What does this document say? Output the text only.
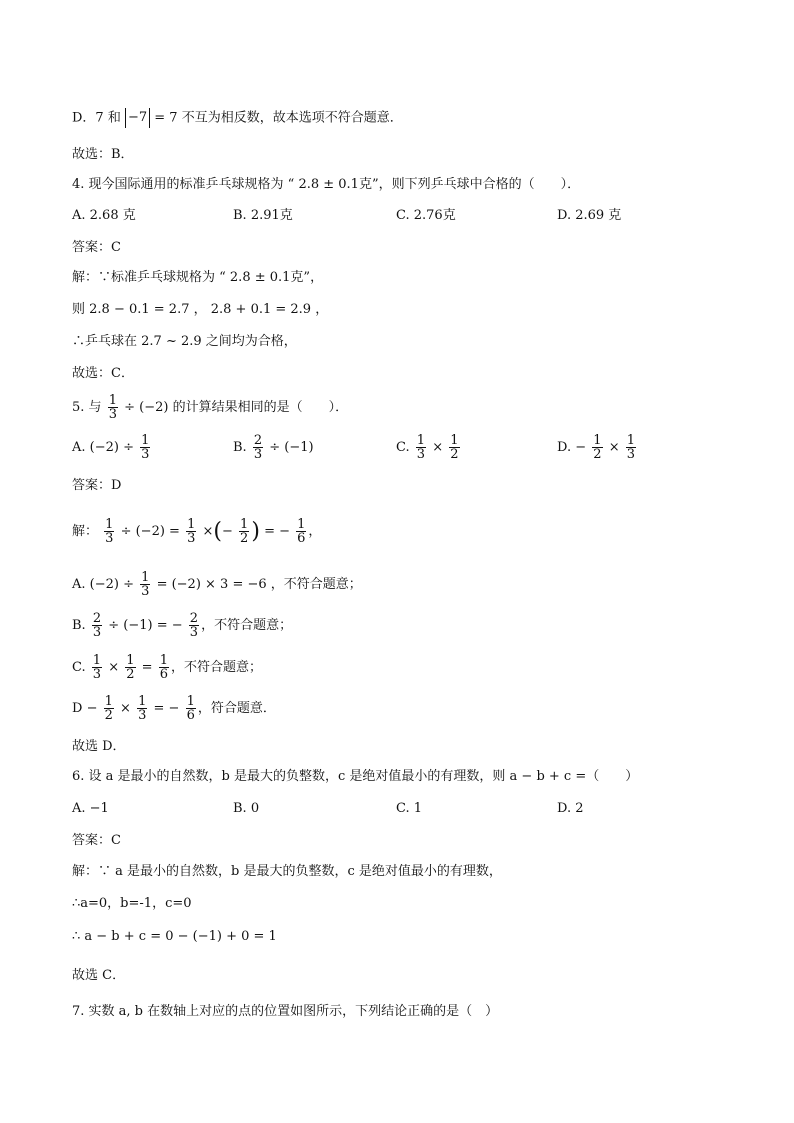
D．7 和 −7 = 7 不互为相反数，故本选项不符合题意．
故选：B．
4. 现今国际通用的标准乒乓球规格为 “ 2.8 ± 0.1克”，则下列乒乓球中合格的（　　）．
A. 2.68 克	B. 2.91克	C. 2.76克	D. 2.69 克
答案：C
解：∵标准乒乓球规格为 “ 2.8 ± 0.1克”，
则 2.8 − 0.1 = 2.7 ， 2.8 + 0.1 = 2.9 ，
∴乒乓球在 2.7 ~ 2.9 之间均为合格，
故选：C．
5. 与 $\frac{1}{3} \div (-2)$ 的计算结果相同的是（　　）．
A. $(-2) \div \frac{1}{3}$	B. $\frac{2}{3} \div (-1)$	C. $\frac{1}{3} \times \frac{1}{2}$	D. − $\frac{1}{2} \times \frac{1}{3}$
答案：D
解： $\frac{1}{3} \div (-2) = \frac{1}{3}$ ×(− $\frac{1}{2}$ ) = − $\frac{1}{6}$ ，
A. $(-2) \div \frac{1}{3} = (-2) \times 3 = -6$ ，不符合题意；
B. $\frac{2}{3} \div (-1)$ = − $\frac{2}{3}$ ，不符合题意；
C. $\frac{1}{3} \times \frac{1}{2} = \frac{1}{6}$ ，不符合题意；
$D - \frac{1}{2} \times \frac{1}{3}$ = − $\frac{1}{6}$ ，符合题意．
故选 D．
6. 设 a 是最小的自然数，b 是最大的负整数，c 是绝对值最小的有理数，则 a − b + c =（　　）
A. −1	B. 0	C. 1	D. 2
答案：C
解：∵ a 是最小的自然数，b 是最大的负整数，c 是绝对值最小的有理数，
∴a=0，b=-1，c=0
∴ a − b + c = 0 − (−1) + 0 = 1
故选 C．
7. 实数 a, b 在数轴上对应的点的位置如图所示，下列结论正确的是（　）
